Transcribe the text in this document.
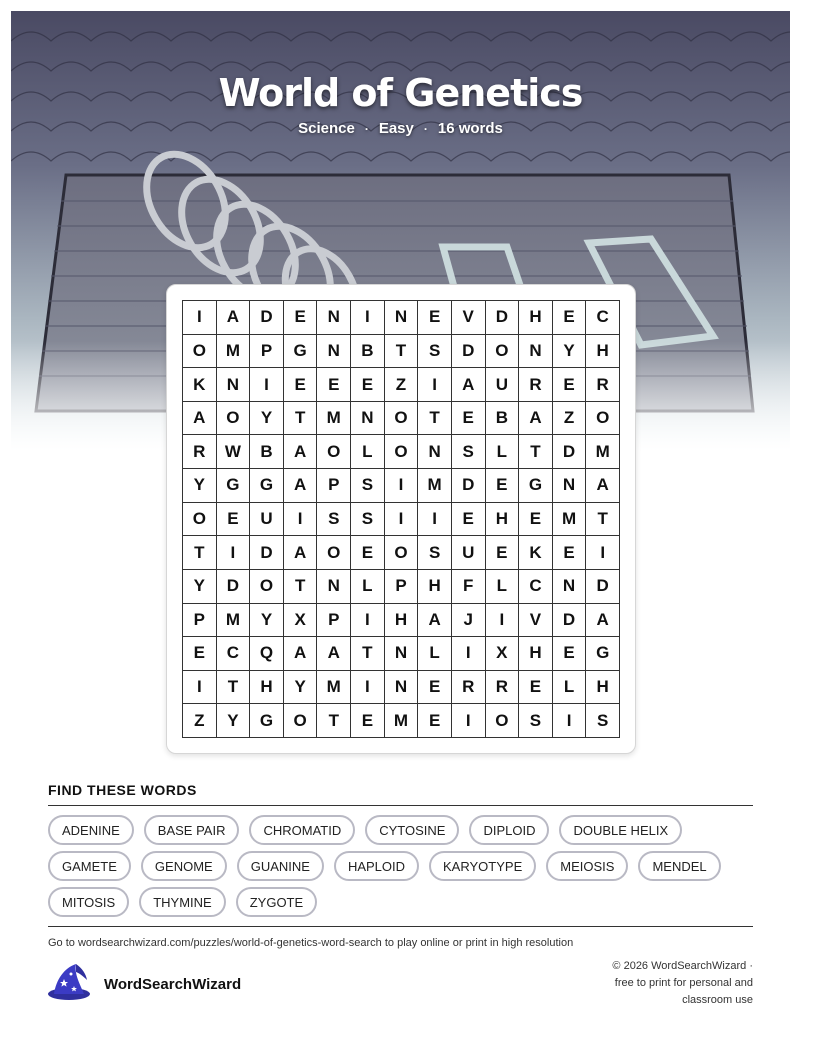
World of Genetics
Science · Easy · 16 words
I	A	D	E	N	I	N	E	V	D	H	E	C
O	M	P	G	N	B	T	S	D	O	N	Y	H
K	N	I	E	E	E	Z	I	A	U	R	E	R
A	O	Y	T	M	N	O	T	E	B	A	Z	O
R	W	B	A	O	L	O	N	S	L	T	D	M
Y	G	G	A	P	S	I	M	D	E	G	N	A
O	E	U	I	S	S	I	I	E	H	E	M	T
T	I	D	A	O	E	O	S	U	E	K	E	I
Y	D	O	T	N	L	P	H	F	L	C	N	D
P	M	Y	X	P	I	H	A	J	I	V	D	A
E	C	Q	A	A	T	N	L	I	X	H	E	G
I	T	H	Y	M	I	N	E	R	R	E	L	H
Z	Y	G	O	T	E	M	E	I	O	S	I	S
FIND THESE WORDS
ADENINE	BASE PAIR	CHROMATID	CYTOSINE	DIPLOID	DOUBLE HELIX
GAMETE	GENOME	GUANINE	HAPLOID	KARYOTYPE	MEIOSIS	MENDEL
MITOSIS	THYMINE	ZYGOTE
Go to wordsearchwizard.com/puzzles/world-of-genetics-word-search to play online or print in high resolution
WordSearchWizard
© 2026 WordSearchWizard ·
free to print for personal and
classroom use
